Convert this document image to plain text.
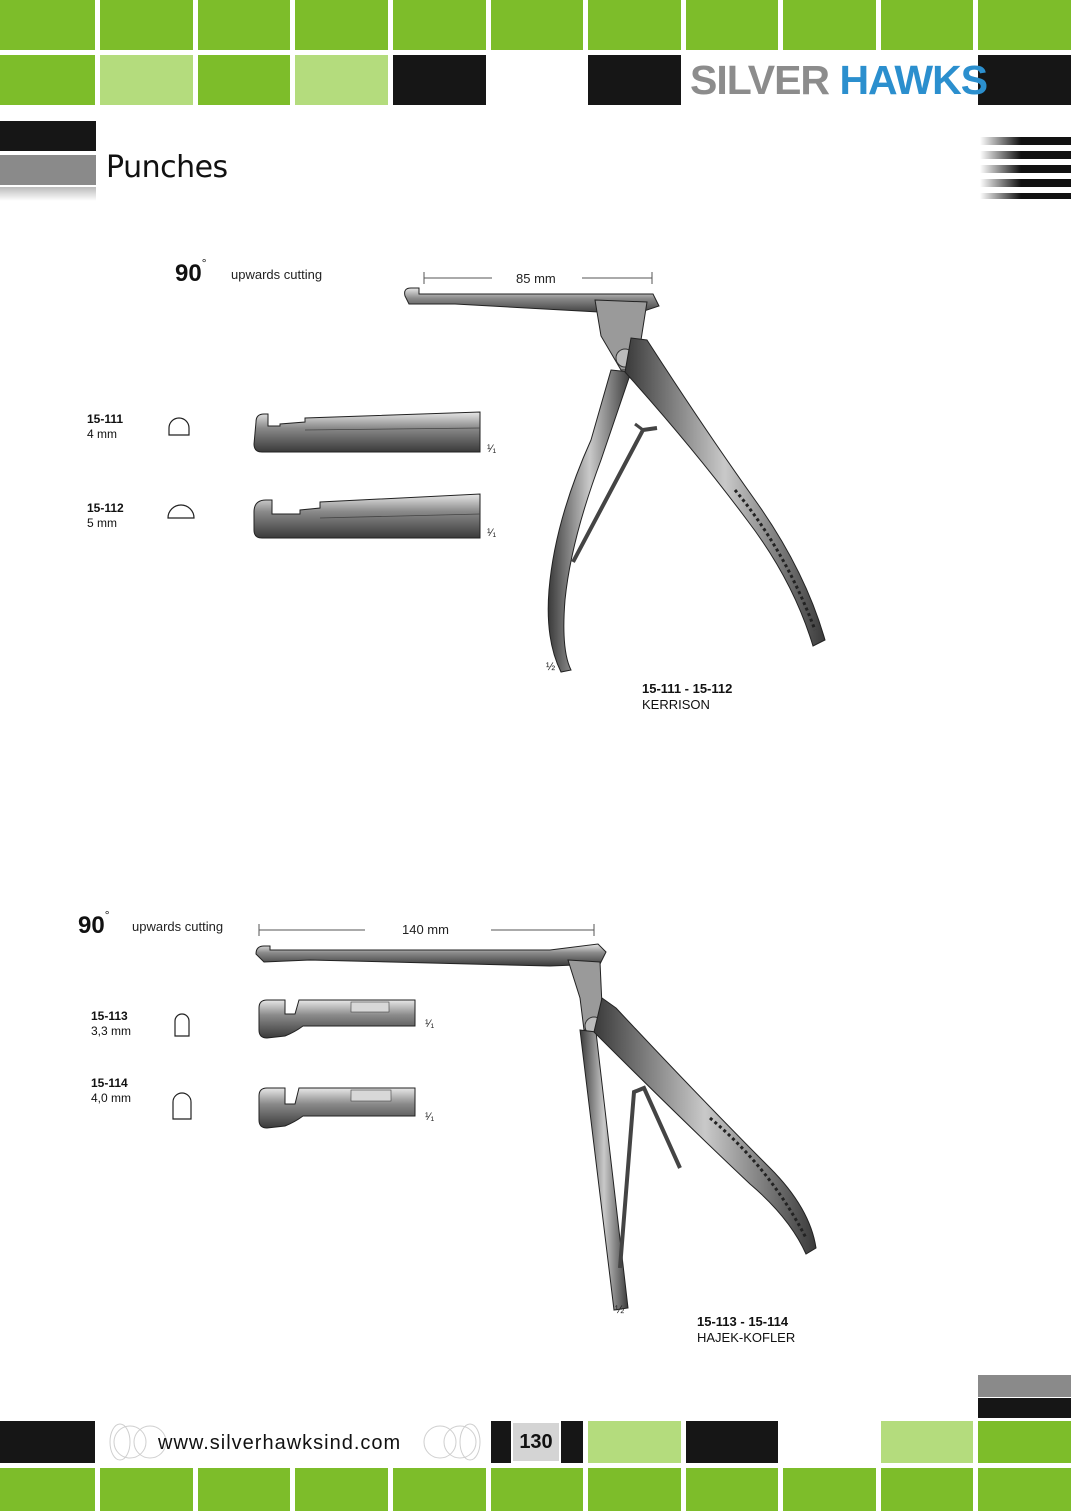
SILVER HAWKS
Punches
90°
upwards cutting	85 mm
15-111
4 mm
15-112
5 mm
¹⁄₁
¹⁄₁
½
15-111 - 15-112
KERRISON
90°
upwards cutting	140 mm
15-113
3,3 mm
15-114
4,0 mm
¹⁄₁
¹⁄₁
½
15-113 - 15-114
HAJEK-KOFLER
www.silverhawksind.com	130
